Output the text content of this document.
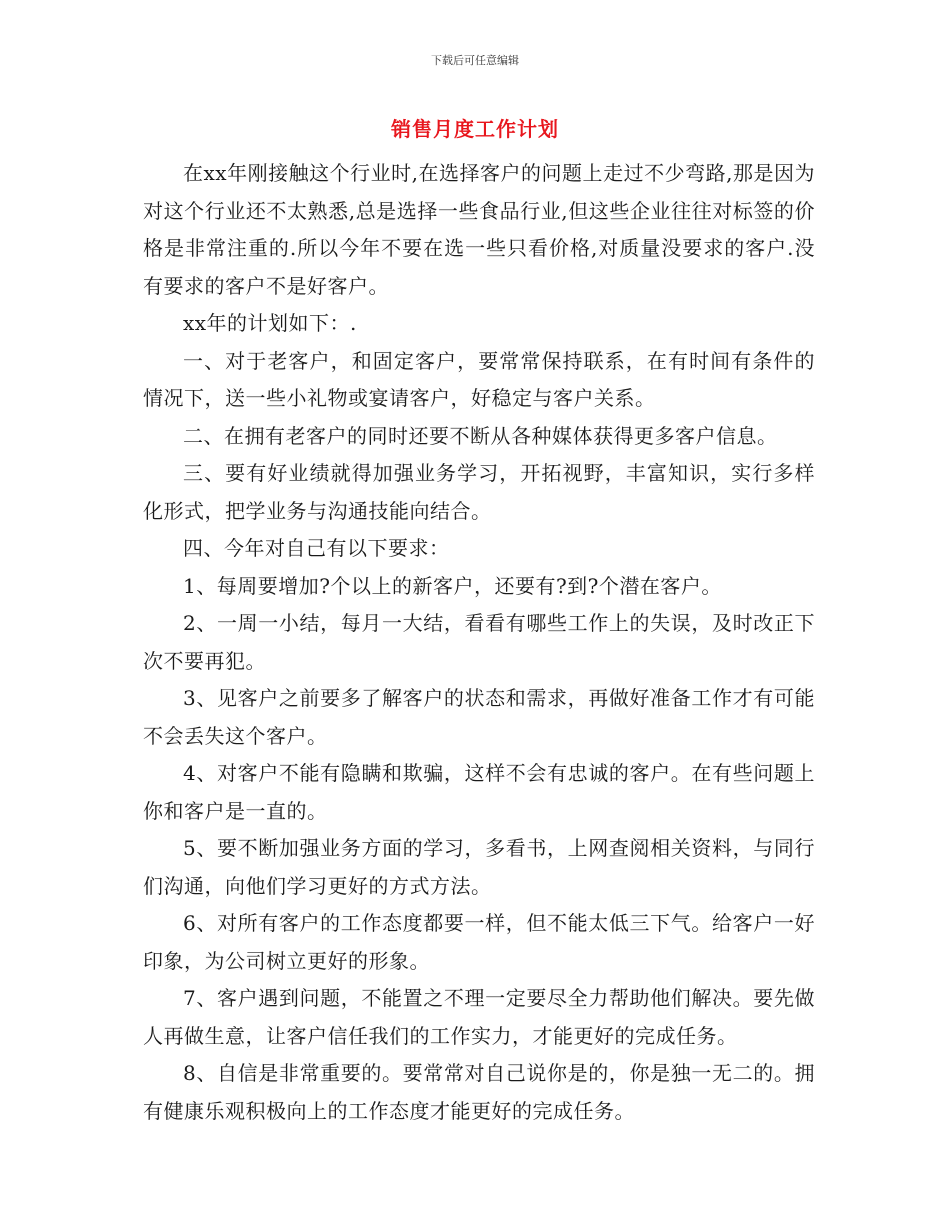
下载后可任意编辑
销售月度工作计划

在xx年刚接触这个行业时,在选择客户的问题上走过不少弯路,那是因为对这个行业还不太熟悉,总是选择一些食品行业,但这些企业往往对标签的价格是非常注重的.所以今年不要在选一些只看价格,对质量没要求的客户.没有要求的客户不是好客户。

xx年的计划如下：.

一、对于老客户，和固定客户，要常常保持联系，在有时间有条件的情况下，送一些小礼物或宴请客户，好稳定与客户关系。

二、在拥有老客户的同时还要不断从各种媒体获得更多客户信息。

三、要有好业绩就得加强业务学习，开拓视野，丰富知识，实行多样化形式，把学业务与沟通技能向结合。

四、今年对自己有以下要求：

1、每周要增加?个以上的新客户，还要有?到?个潜在客户。

2、一周一小结，每月一大结，看看有哪些工作上的失误，及时改正下次不要再犯。

3、见客户之前要多了解客户的状态和需求，再做好准备工作才有可能不会丢失这个客户。

4、对客户不能有隐瞒和欺骗，这样不会有忠诚的客户。在有些问题上你和客户是一直的。

5、要不断加强业务方面的学习，多看书，上网查阅相关资料，与同行们沟通，向他们学习更好的方式方法。

6、对所有客户的工作态度都要一样，但不能太低三下气。给客户一好印象，为公司树立更好的形象。

7、客户遇到问题，不能置之不理一定要尽全力帮助他们解决。要先做人再做生意，让客户信任我们的工作实力，才能更好的完成任务。

8、自信是非常重要的。要常常对自己说你是的，你是独一无二的。拥有健康乐观积极向上的工作态度才能更好的完成任务。
